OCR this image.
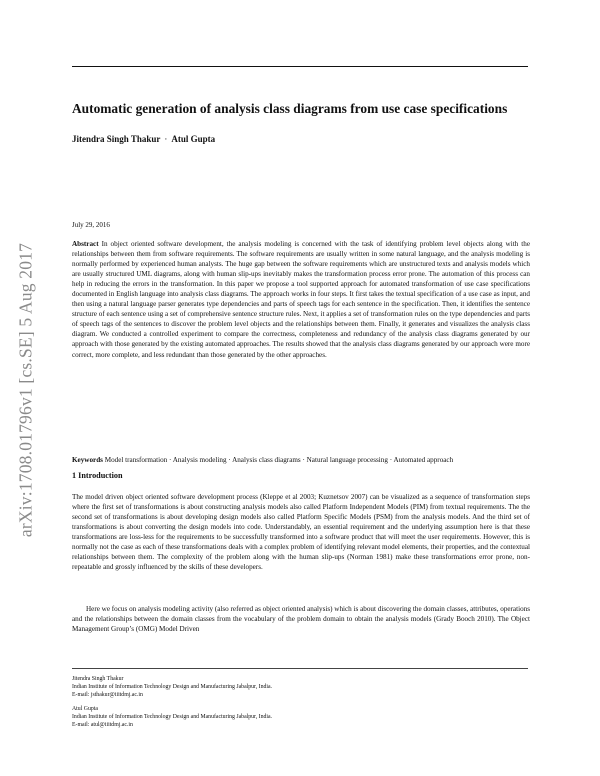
arXiv:1708.01796v1 [cs.SE] 5 Aug 2017
Automatic generation of analysis class diagrams from use case specifications
Jitendra Singh Thakur · Atul Gupta
July 29, 2016
Abstract In object oriented software development, the analysis modeling is concerned with the task of identifying problem level objects along with the relationships between them from software requirements. The software requirements are usually written in some natural language, and the analysis modeling is normally performed by experienced human analysts. The huge gap between the software requirements which are unstructured texts and analysis models which are usually structured UML diagrams, along with human slip-ups inevitably makes the transformation process error prone. The automation of this process can help in reducing the errors in the transformation. In this paper we propose a tool supported approach for automated transformation of use case specifications documented in English language into analysis class diagrams. The approach works in four steps. It first takes the textual specification of a use case as input, and then using a natural language parser generates type dependencies and parts of speech tags for each sentence in the specification. Then, it identifies the sentence structure of each sentence using a set of comprehensive sentence structure rules. Next, it applies a set of transformation rules on the type dependencies and parts of speech tags of the sentences to discover the problem level objects and the relationships between them. Finally, it generates and visualizes the analysis class diagram. We conducted a controlled experiment to compare the correctness, completeness and redundancy of the analysis class diagrams generated by our approach with those generated by the existing automated approaches. The results showed that the analysis class diagrams generated by our approach were more correct, more complete, and less redundant than those generated by the other approaches.
Keywords Model transformation · Analysis modeling · Analysis class diagrams · Natural language processing · Automated approach
1 Introduction

The model driven object oriented software development process (Kleppe et al 2003; Kuznetsov 2007) can be visualized as a sequence of transformation steps where the first set of transformations is about constructing analysis models also called Platform Independent Models (PIM) from textual requirements. The the second set of transformations is about developing design models also called Platform Specific Models (PSM) from the analysis models. And the third set of transformations is about converting the design models into code. Understandably, an essential requirement and the underlying assumption here is that these transformations are loss-less for the requirements to be successfully transformed into a software product that will meet the user requirements. However, this is normally not the case as each of these transformations deals with a complex problem of identifying relevant model elements, their properties, and the contextual relationships between them. The complexity of the problem along with the human slip-ups (Norman 1981) make these transformations error prone, non-repeatable and grossly influenced by the skills of these developers.

Here we focus on analysis modeling activity (also referred as object oriented analysis) which is about discovering the domain classes, attributes, operations and the relationships between the domain classes from the vocabulary of the problem domain to obtain the analysis models (Grady Booch 2010). The Object Management Group’s (OMG) Model Driven

Jitendra Singh Thakur
Indian Institute of Information Technology Design and Manufacturing Jabalpur, India.
E-mail: jsthakur@iiitdmj.ac.in
Atul Gupta
Indian Institute of Information Technology Design and Manufacturing Jabalpur, India.
E-mail: atul@iiitdmj.ac.in
